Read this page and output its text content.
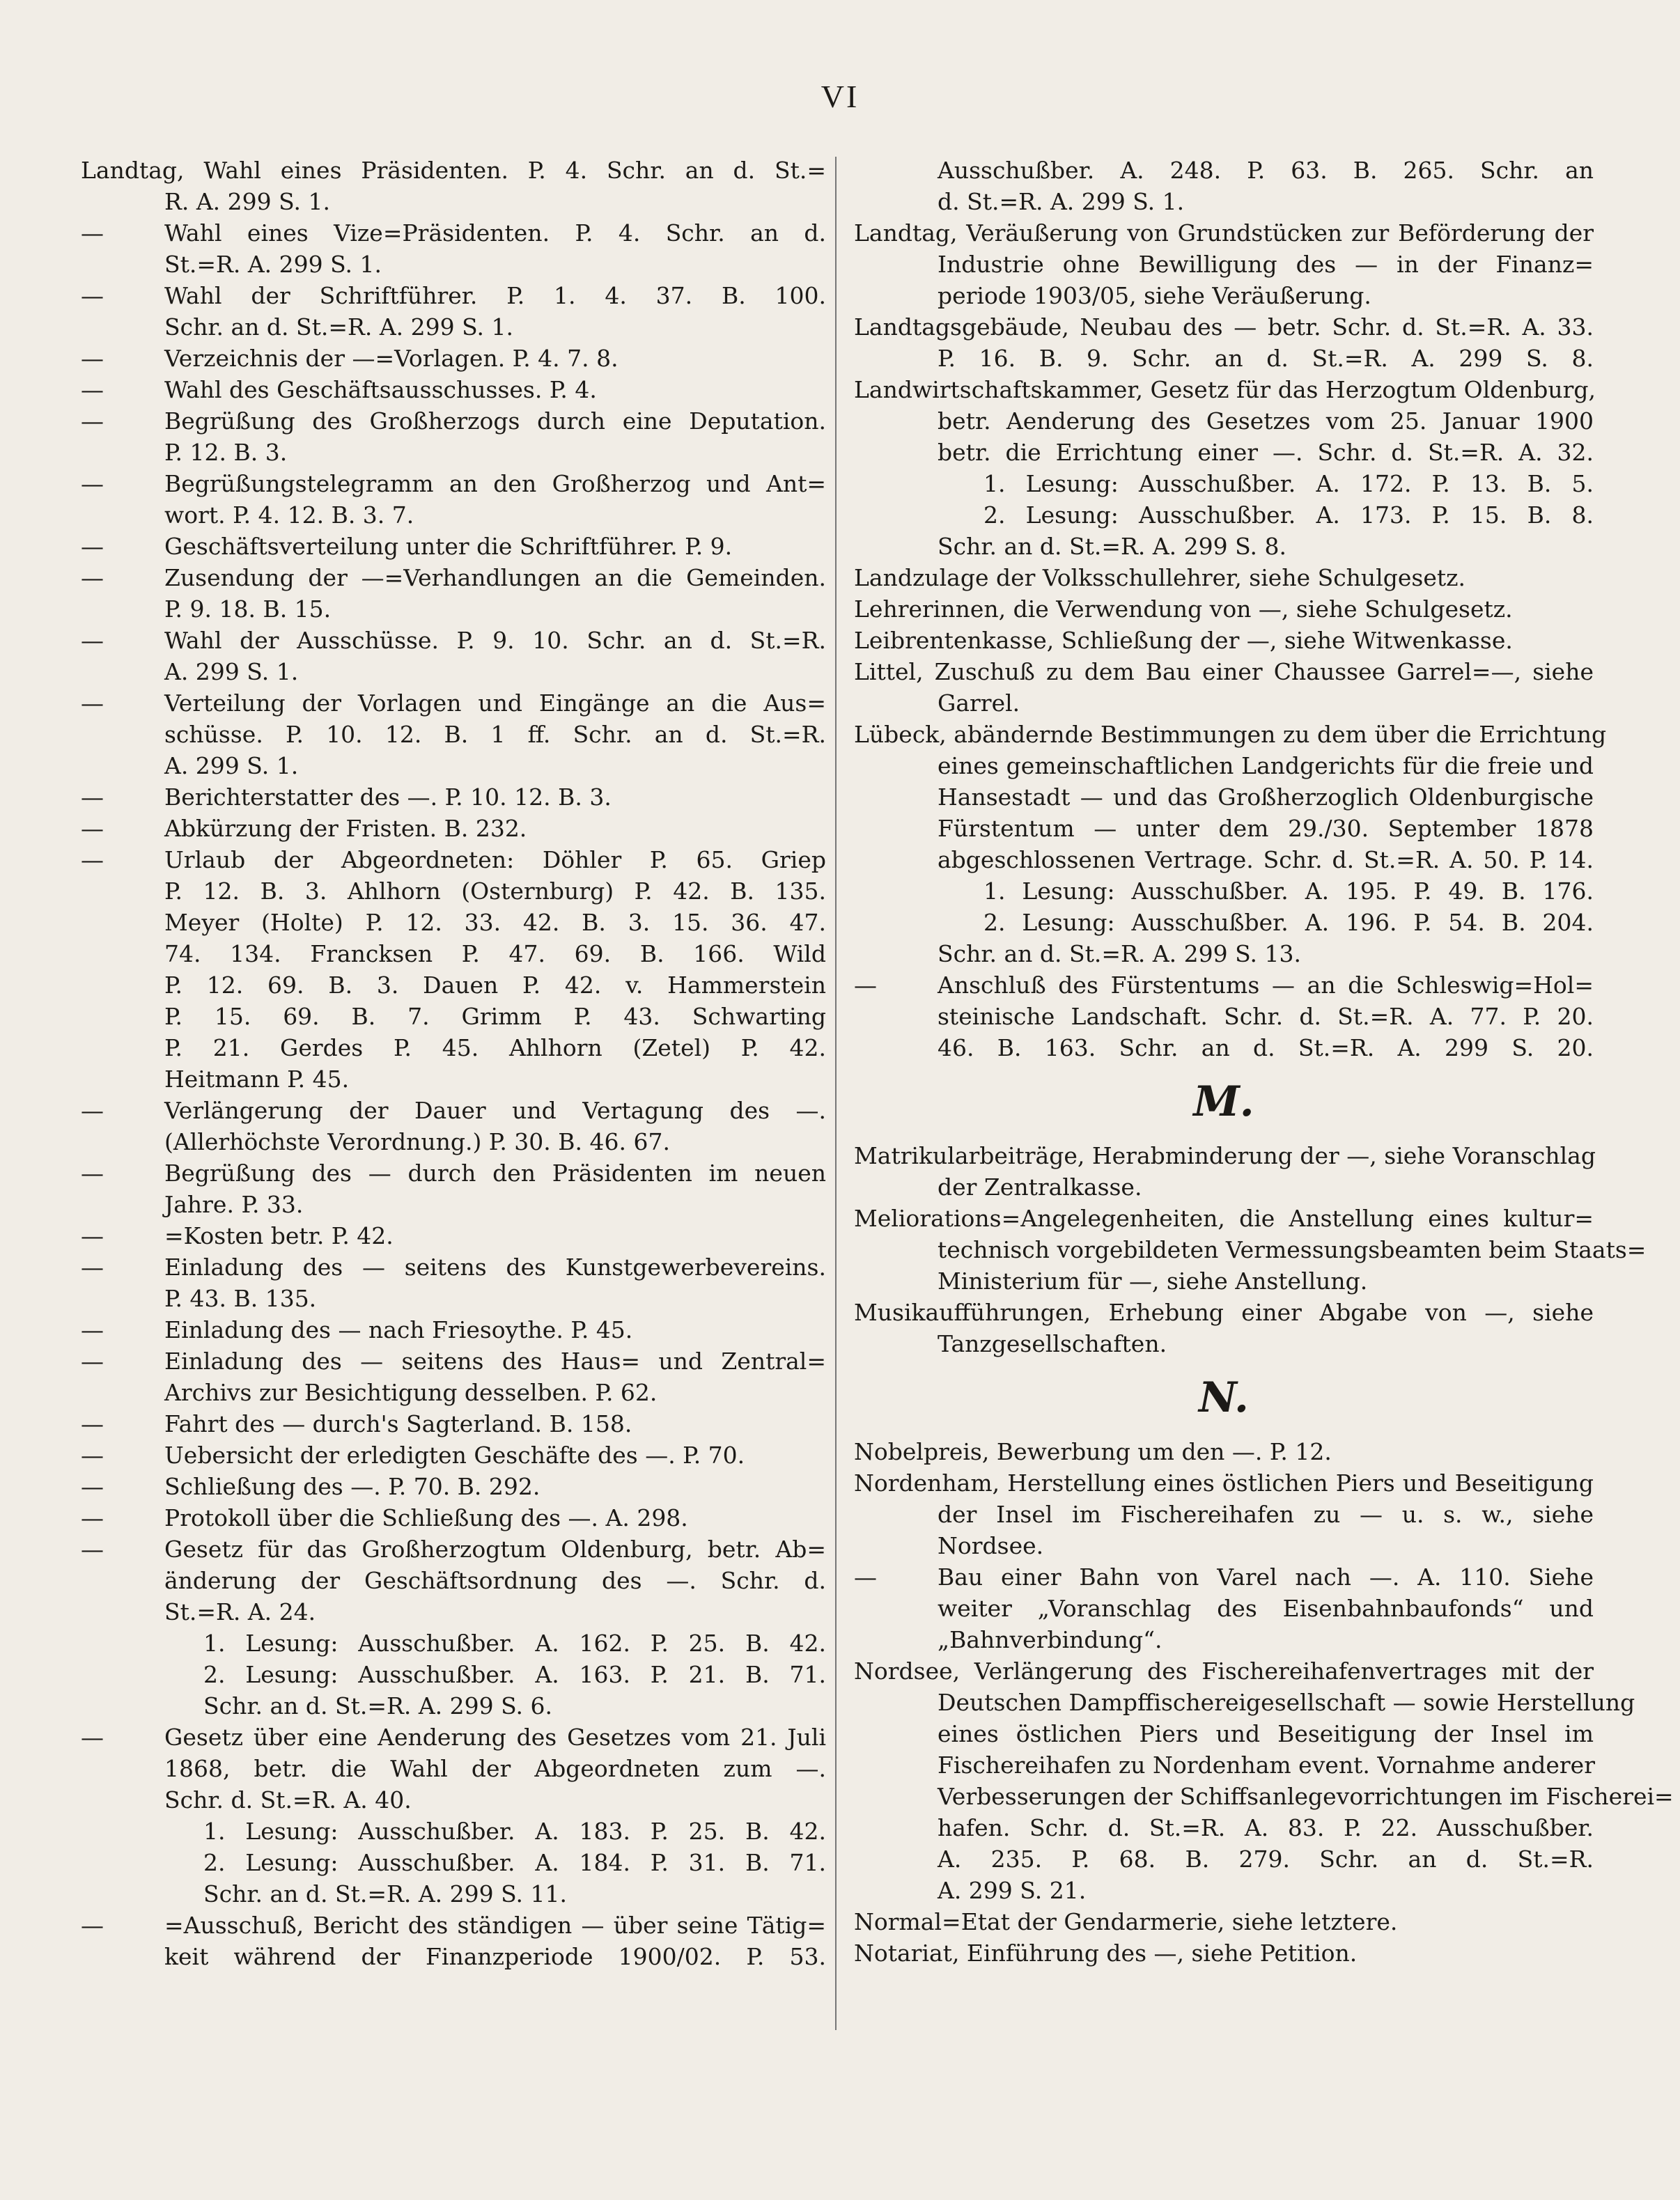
VI
Landtag, Wahl eines Präsidenten. P. 4. Schr. an d. St.=
R. A. 299 S. 1.
—	Wahl eines Vize=Präsidenten. P. 4. Schr. an d.
St.=R. A. 299 S. 1.
—	Wahl der Schriftführer. P. 1. 4. 37. B. 100.
Schr. an d. St.=R. A. 299 S. 1.
—	Verzeichnis der —=Vorlagen. P. 4. 7. 8.
—	Wahl des Geschäftsausschusses. P. 4.
—	Begrüßung des Großherzogs durch eine Deputation.
P. 12. B. 3.
—	Begrüßungstelegramm an den Großherzog und Ant=
wort. P. 4. 12. B. 3. 7.
—	Geschäftsverteilung unter die Schriftführer. P. 9.
—	Zusendung der —=Verhandlungen an die Gemeinden.
P. 9. 18. B. 15.
—	Wahl der Ausschüsse. P. 9. 10. Schr. an d. St.=R.
A. 299 S. 1.
—	Verteilung der Vorlagen und Eingänge an die Aus=
schüsse. P. 10. 12. B. 1 ff. Schr. an d. St.=R.
A. 299 S. 1.
—	Berichterstatter des —. P. 10. 12. B. 3.
—	Abkürzung der Fristen. B. 232.
—	Urlaub der Abgeordneten: Döhler P. 65. Griep
P. 12. B. 3. Ahlhorn (Osternburg) P. 42. B. 135.
Meyer (Holte) P. 12. 33. 42. B. 3. 15. 36. 47.
74. 134. Francksen P. 47. 69. B. 166. Wild
P. 12. 69. B. 3. Dauen P. 42. v. Hammerstein
P. 15. 69. B. 7. Grimm P. 43. Schwarting
P. 21. Gerdes P. 45. Ahlhorn (Zetel) P. 42.
Heitmann P. 45.
—	Verlängerung der Dauer und Vertagung des —.
(Allerhöchste Verordnung.) P. 30. B. 46. 67.
—	Begrüßung des — durch den Präsidenten im neuen
Jahre. P. 33.
—	=Kosten betr. P. 42.
—	Einladung des — seitens des Kunstgewerbevereins.
P. 43. B. 135.
—	Einladung des — nach Friesoythe. P. 45.
—	Einladung des — seitens des Haus= und Zentral=
Archivs zur Besichtigung desselben. P. 62.
—	Fahrt des — durch's Sagterland. B. 158.
—	Uebersicht der erledigten Geschäfte des —. P. 70.
—	Schließung des —. P. 70. B. 292.
—	Protokoll über die Schließung des —. A. 298.
—	Gesetz für das Großherzogtum Oldenburg, betr. Ab=
änderung der Geschäftsordnung des —. Schr. d.
St.=R. A. 24.
1. Lesung: Ausschußber. A. 162. P. 25. B. 42.
2. Lesung: Ausschußber. A. 163. P. 21. B. 71.
Schr. an d. St.=R. A. 299 S. 6.
—	Gesetz über eine Aenderung des Gesetzes vom 21. Juli
1868, betr. die Wahl der Abgeordneten zum —.
Schr. d. St.=R. A. 40.
1. Lesung: Ausschußber. A. 183. P. 25. B. 42.
2. Lesung: Ausschußber. A. 184. P. 31. B. 71.
Schr. an d. St.=R. A. 299 S. 11.
—	=Ausschuß, Bericht des ständigen — über seine Tätig=
keit während der Finanzperiode 1900/02. P. 53.
Ausschußber. A. 248. P. 63. B. 265. Schr. an
d. St.=R. A. 299 S. 1.
Landtag, Veräußerung von Grundstücken zur Beförderung der
Industrie ohne Bewilligung des — in der Finanz=
periode 1903/05, siehe Veräußerung.
Landtagsgebäude, Neubau des — betr. Schr. d. St.=R. A. 33.
P. 16. B. 9. Schr. an d. St.=R. A. 299 S. 8.
Landwirtschaftskammer, Gesetz für das Herzogtum Oldenburg,
betr. Aenderung des Gesetzes vom 25. Januar 1900
betr. die Errichtung einer —. Schr. d. St.=R. A. 32.
1. Lesung: Ausschußber. A. 172. P. 13. B. 5.
2. Lesung: Ausschußber. A. 173. P. 15. B. 8.
Schr. an d. St.=R. A. 299 S. 8.
Landzulage der Volksschullehrer, siehe Schulgesetz.
Lehrerinnen, die Verwendung von —, siehe Schulgesetz.
Leibrentenkasse, Schließung der —, siehe Witwenkasse.
Littel, Zuschuß zu dem Bau einer Chaussee Garrel=—, siehe
Garrel.
Lübeck, abändernde Bestimmungen zu dem über die Errichtung
eines gemeinschaftlichen Landgerichts für die freie und
Hansestadt — und das Großherzoglich Oldenburgische
Fürstentum — unter dem 29./30. September 1878
abgeschlossenen Vertrage. Schr. d. St.=R. A. 50. P. 14.
1. Lesung: Ausschußber. A. 195. P. 49. B. 176.
2. Lesung: Ausschußber. A. 196. P. 54. B. 204.
Schr. an d. St.=R. A. 299 S. 13.
—	Anschluß des Fürstentums — an die Schleswig=Hol=
steinische Landschaft. Schr. d. St.=R. A. 77. P. 20.
46. B. 163. Schr. an d. St.=R. A. 299 S. 20.
M.
Matrikularbeiträge, Herabminderung der —, siehe Voranschlag
der Zentralkasse.
Meliorations=Angelegenheiten, die Anstellung eines kultur=
technisch vorgebildeten Vermessungsbeamten beim Staats=
Ministerium für —, siehe Anstellung.
Musikaufführungen, Erhebung einer Abgabe von —, siehe
Tanzgesellschaften.
N.
Nobelpreis, Bewerbung um den —. P. 12.
Nordenham, Herstellung eines östlichen Piers und Beseitigung
der Insel im Fischereihafen zu — u. s. w., siehe
Nordsee.
—	Bau einer Bahn von Varel nach —. A. 110. Siehe
weiter „Voranschlag des Eisenbahnbaufonds“ und
„Bahnverbindung“.
Nordsee, Verlängerung des Fischereihafenvertrages mit der
Deutschen Dampffischereigesellschaft — sowie Herstellung
eines östlichen Piers und Beseitigung der Insel im
Fischereihafen zu Nordenham event. Vornahme anderer
Verbesserungen der Schiffsanlegevorrichtungen im Fischerei=
hafen. Schr. d. St.=R. A. 83. P. 22. Ausschußber.
A. 235. P. 68. B. 279. Schr. an d. St.=R.
A. 299 S. 21.
Normal=Etat der Gendarmerie, siehe letztere.
Notariat, Einführung des —, siehe Petition.
